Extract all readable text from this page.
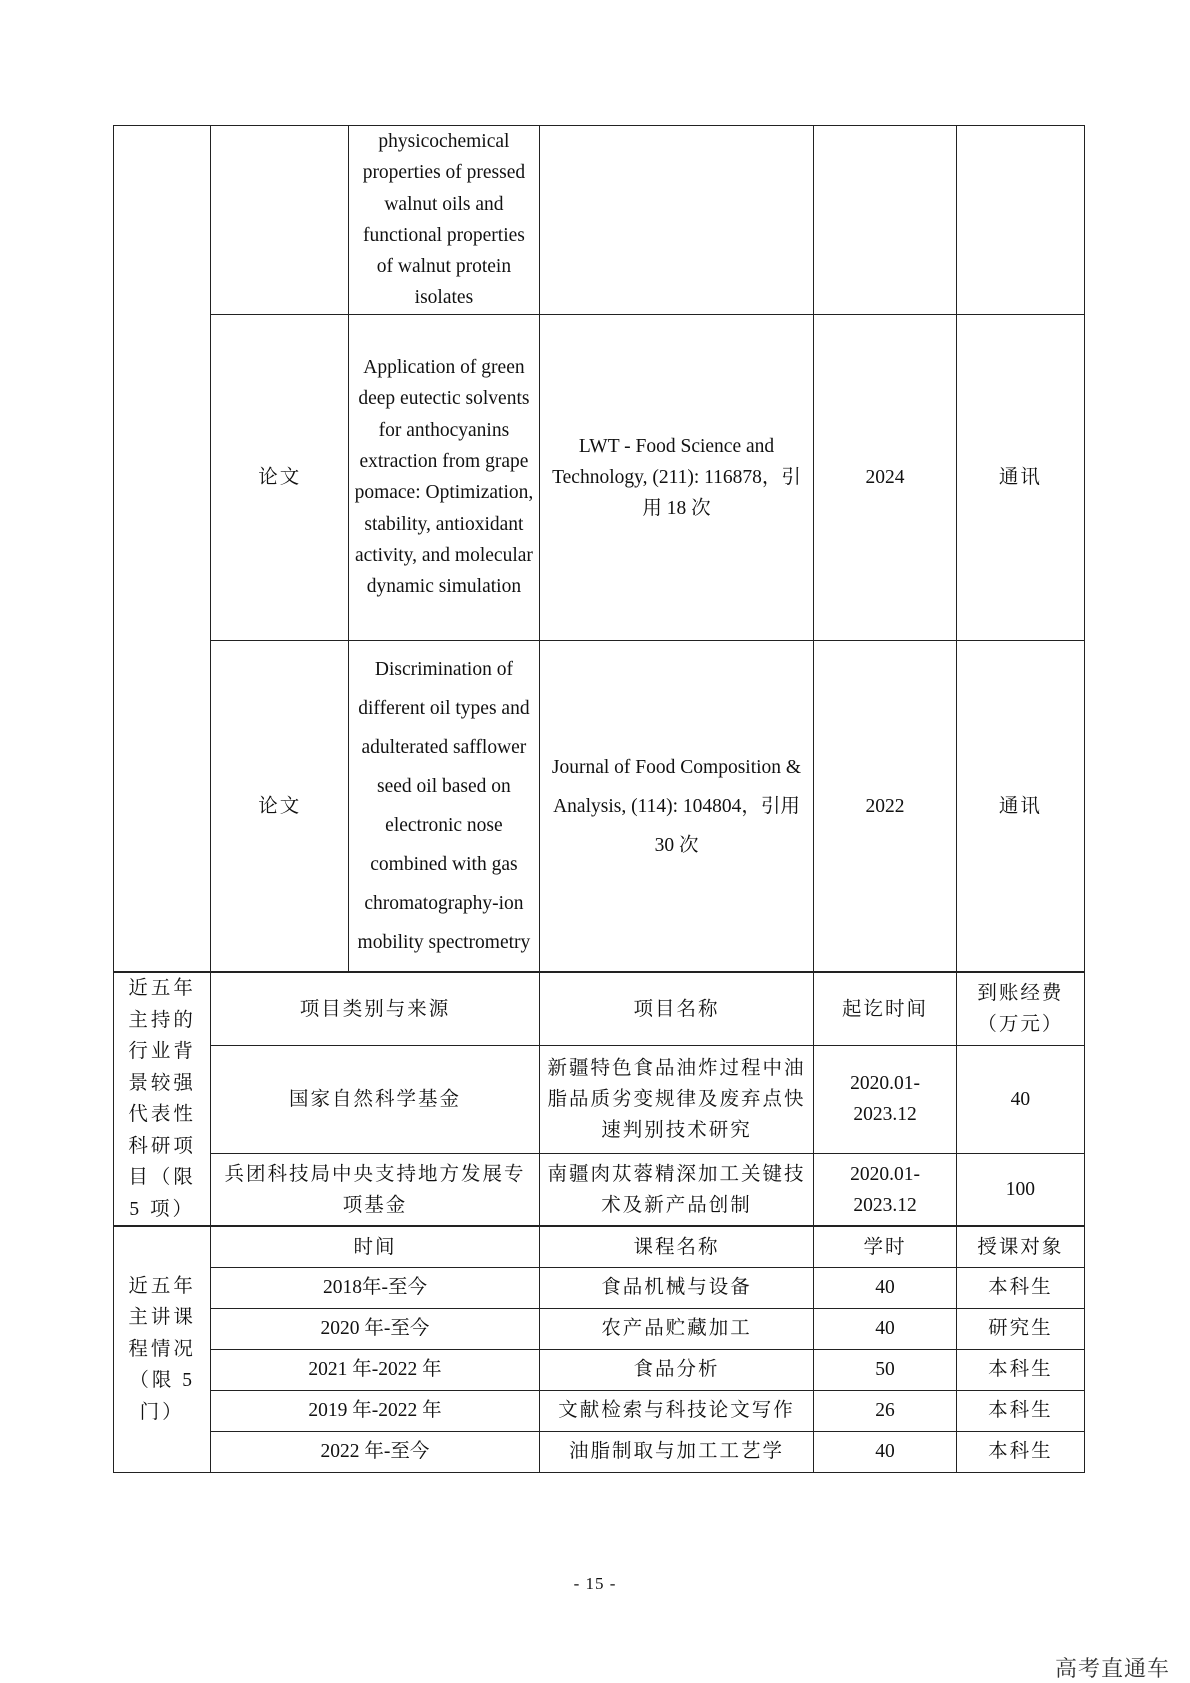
		physicochemical properties of pressed walnut oils and functional properties of walnut protein isolates			
	论文	Application of green deep eutectic solvents for anthocyanins extraction from grape pomace: Optimization, stability, antioxidant activity, and molecular dynamic simulation	LWT - Food Science and Technology, (211): 116878，引用 18 次	2024	通讯
	论文	Discrimination of different oil types and adulterated safflower seed oil based on electronic nose combined with gas chromatography-ion mobility spectrometry	Journal of Food Composition & Analysis, (114): 104804，引用 30 次	2022	通讯
近五年主持的行业背景较强代表性科研项目（限 5 项）	项目类别与来源		项目名称	起讫时间	到账经费（万元）
	国家自然科学基金		新疆特色食品油炸过程中油脂品质劣变规律及废弃点快速判别技术研究	2020.01-2023.12	40
	兵团科技局中央支持地方发展专项基金		南疆肉苁蓉精深加工关键技术及新产品创制	2020.01-2023.12	100
近五年主讲课程情况（限 5 门）	时间		课程名称	学时	授课对象
	2018年-至今		食品机械与设备	40	本科生
	2020 年-至今		农产品贮藏加工	40	研究生
	2021 年-2022 年		食品分析	50	本科生
	2019 年-2022 年		文献检索与科技论文写作	26	本科生
	2022 年-至今		油脂制取与加工工艺学	40	本科生
- 15 -
高考直通车
